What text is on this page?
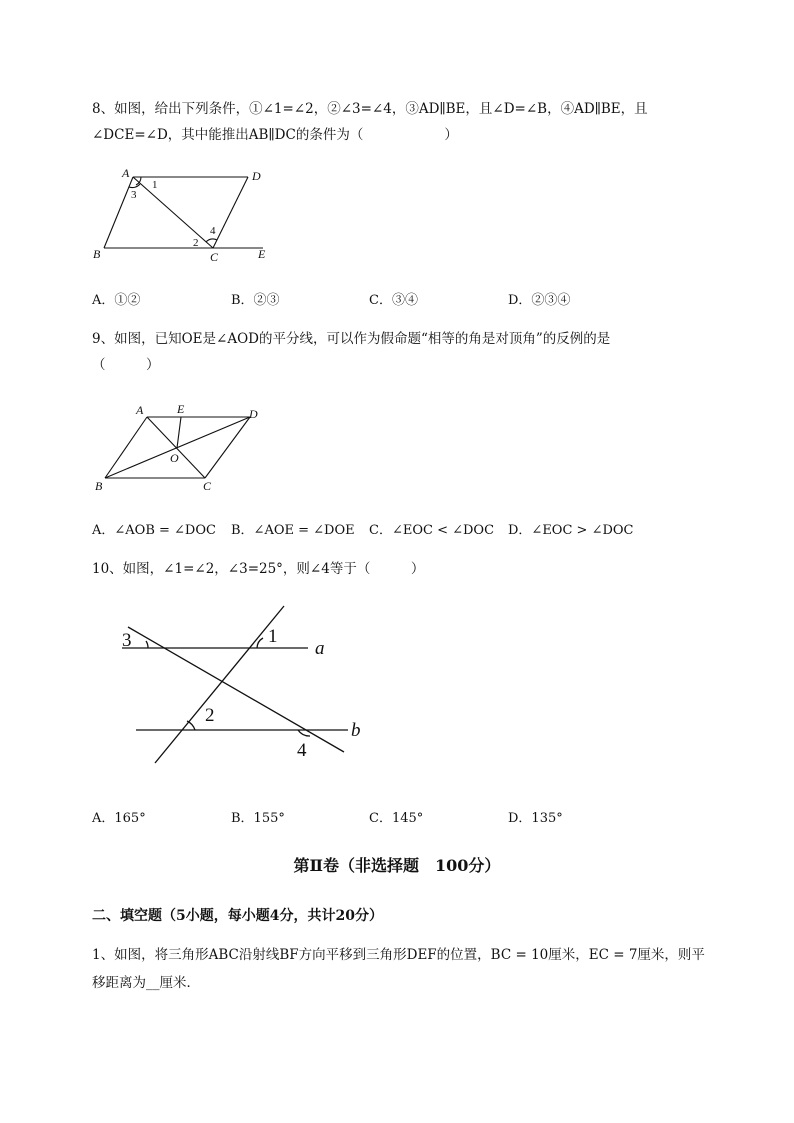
8、如图，给出下列条件，①∠1=∠2，②∠3=∠4，③AD∥BE，且∠D=∠B，④AD∥BE，且
∠DCE=∠D，其中能推出AB∥DC的条件为（　　　　　　）
A	D
B	C	E
1
3
2
4
A．①②	B．②③	C．③④	D．②③④
9、如图，已知OE是∠AOD的平分线，可以作为假命题“相等的角是对顶角”的反例的是
（　　　）
A	E	D
O
B	C
A．∠AOB = ∠DOC B．∠AOE = ∠DOE C．∠EOC < ∠DOC D．∠EOC > ∠DOC
10、如图，∠1=∠2，∠3=25°，则∠4等于（　　　）
3	1
a
2
b
4
A．165°	B．155°	C．145°	D．135°
第Ⅱ卷（非选择题　100分）
二、填空题（5小题，每小题4分，共计20分）
1、如图，将三角形ABC沿射线BF方向平移到三角形DEF的位置，BC = 10厘米，EC = 7厘米，则平
移距离为__厘米．
